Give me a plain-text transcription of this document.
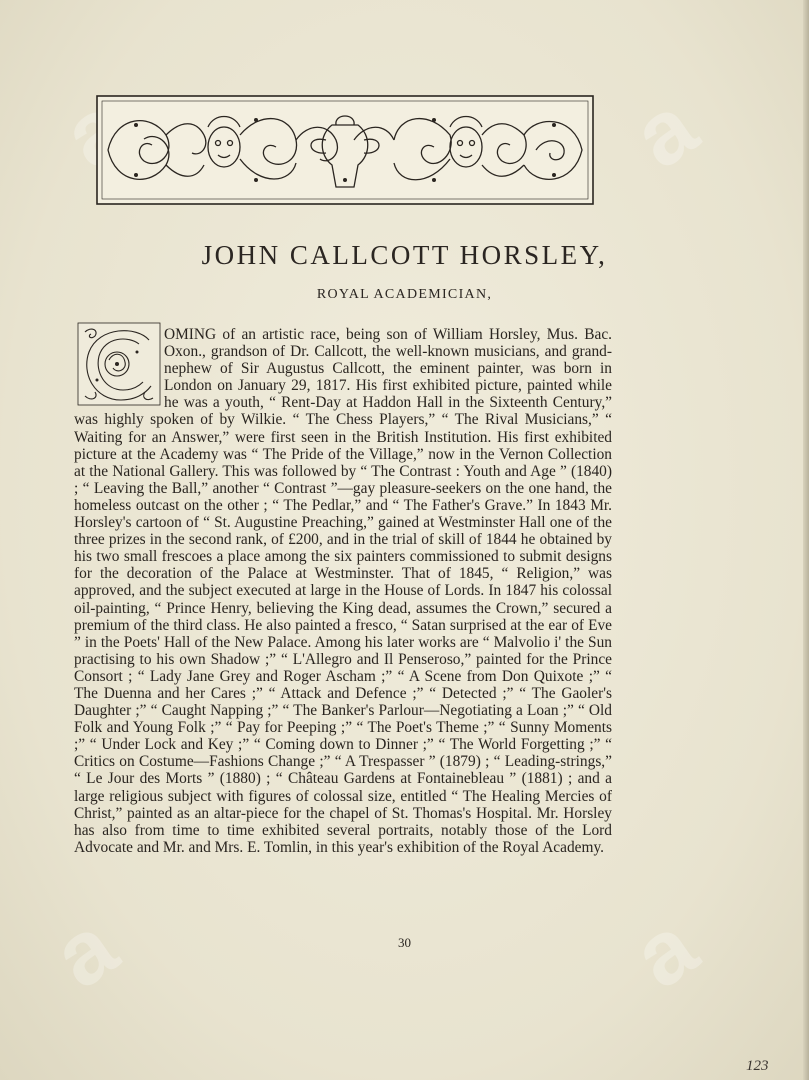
a
a	a
JOHN CALLCOTT HORSLEY,
ROYAL ACADEMICIAN,
OMING of an artistic race, being son of William Horsley, Mus. Bac. Oxon., grandson of Dr. Callcott, the well-known musicians, and grand-nephew of Sir Augustus Callcott, the eminent painter, was born in London on January 29, 1817. His first exhibited picture, painted while he was a youth, “ Rent-Day at Haddon Hall in the Sixteenth Century,” was highly spoken of by Wilkie. “ The Chess Players,” “ The Rival Musicians,” “ Waiting for an Answer,” were first seen in the British Institution. His first exhibited picture at the Academy was “ The Pride of the Village,” now in the Vernon Collection at the National Gallery. This was followed by “ The Contrast : Youth and Age ” (1840) ; “ Leaving the Ball,” another “ Contrast ”—gay pleasure-seekers on the one hand, the homeless outcast on the other ; “ The Pedlar,” and “ The Father's Grave.” In 1843 Mr. Horsley's cartoon of “ St. Augustine Preaching,” gained at Westminster Hall one of the three prizes in the second rank, of £200, and in the trial of skill of 1844 he obtained by his two small frescoes a place among the six painters commissioned to submit designs for the decoration of the Palace at Westminster. That of 1845, “ Religion,” was approved, and the subject executed at large in the House of Lords. In 1847 his colossal oil-painting, “ Prince Henry, believing the King dead, assumes the Crown,” secured a premium of the third class. He also painted a fresco, “ Satan surprised at the ear of Eve ” in the Poets' Hall of the New Palace. Among his later works are “ Malvolio i' the Sun practising to his own Shadow ;” “ L'Allegro and Il Penseroso,” painted for the Prince Consort ; “ Lady Jane Grey and Roger Ascham ;” “ A Scene from Don Quixote ;” “ The Duenna and her Cares ;” “ Attack and Defence ;” “ Detected ;” “ The Gaoler's Daughter ;” “ Caught Napping ;” “ The Banker's Parlour—Negotiating a Loan ;” “ Old Folk and Young Folk ;” “ Pay for Peeping ;” “ The Poet's Theme ;” “ Sunny Moments ;” “ Under Lock and Key ;” “ Coming down to Dinner ;” “ The World Forgetting ;” “ Critics on Costume—Fashions Change ;” “ A Trespasser ” (1879) ; “ Leading-strings,” “ Le Jour des Morts ” (1880) ; “ Château Gardens at Fontainebleau ” (1881) ; and a large religious subject with figures of colossal size, entitled “ The Healing Mercies of Christ,” painted as an altar-piece for the chapel of St. Thomas's Hospital. Mr. Horsley has also from time to time exhibited several portraits, notably those of the Lord Advocate and Mr. and Mrs. E. Tomlin, in this year's exhibition of the Royal Academy.
30
123
